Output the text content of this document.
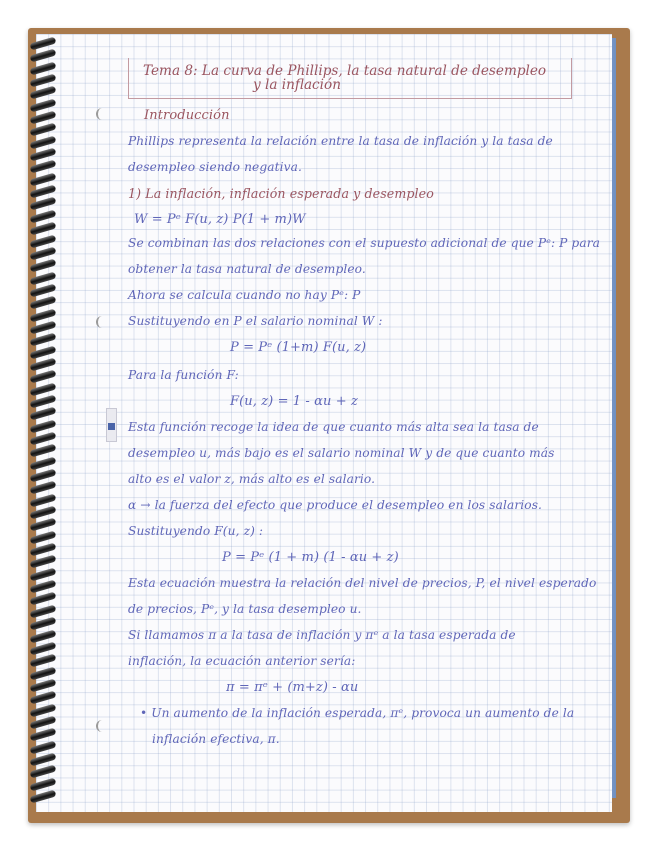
Tema 8: La curva de Phillips, la tasa natural de desempleo
y la inflación

Introducción

Phillips representa la relación entre la tasa de inflación y la tasa de

desempleo siendo negativa.

1) La inflación, inflación esperada y desempleo

W = Pᵉ F(u, z) P(1 + m)W

Se combinan las dos relaciones con el supuesto adicional de que Pᵉ: P para

obtener la tasa natural de desempleo.

Ahora se calcula cuando no hay Pᵉ: P

Sustituyendo en P el salario nominal W :

P = Pᵉ (1+m) F(u, z)

Para la función F:

F(u, z) = 1 - αu + z

Esta función recoge la idea de que cuanto más alta sea la tasa de

desempleo u, más bajo es el salario nominal W y de que cuanto más

alto es el valor z, más alto es el salario.

α → la fuerza del efecto que produce el desempleo en los salarios.

Sustituyendo F(u, z) :

P = Pᵉ (1 + m) (1 - αu + z)

Esta ecuación muestra la relación del nivel de precios, P, el nivel esperado

de precios, Pᵉ, y la tasa desempleo u.

Si llamamos π a la tasa de inflación y πᵉ a la tasa esperada de

inflación, la ecuación anterior sería:

π = πᵉ + (m+z) - αu

• Un aumento de la inflación esperada, πᵉ, provoca un aumento de la

inflación efectiva, π.
